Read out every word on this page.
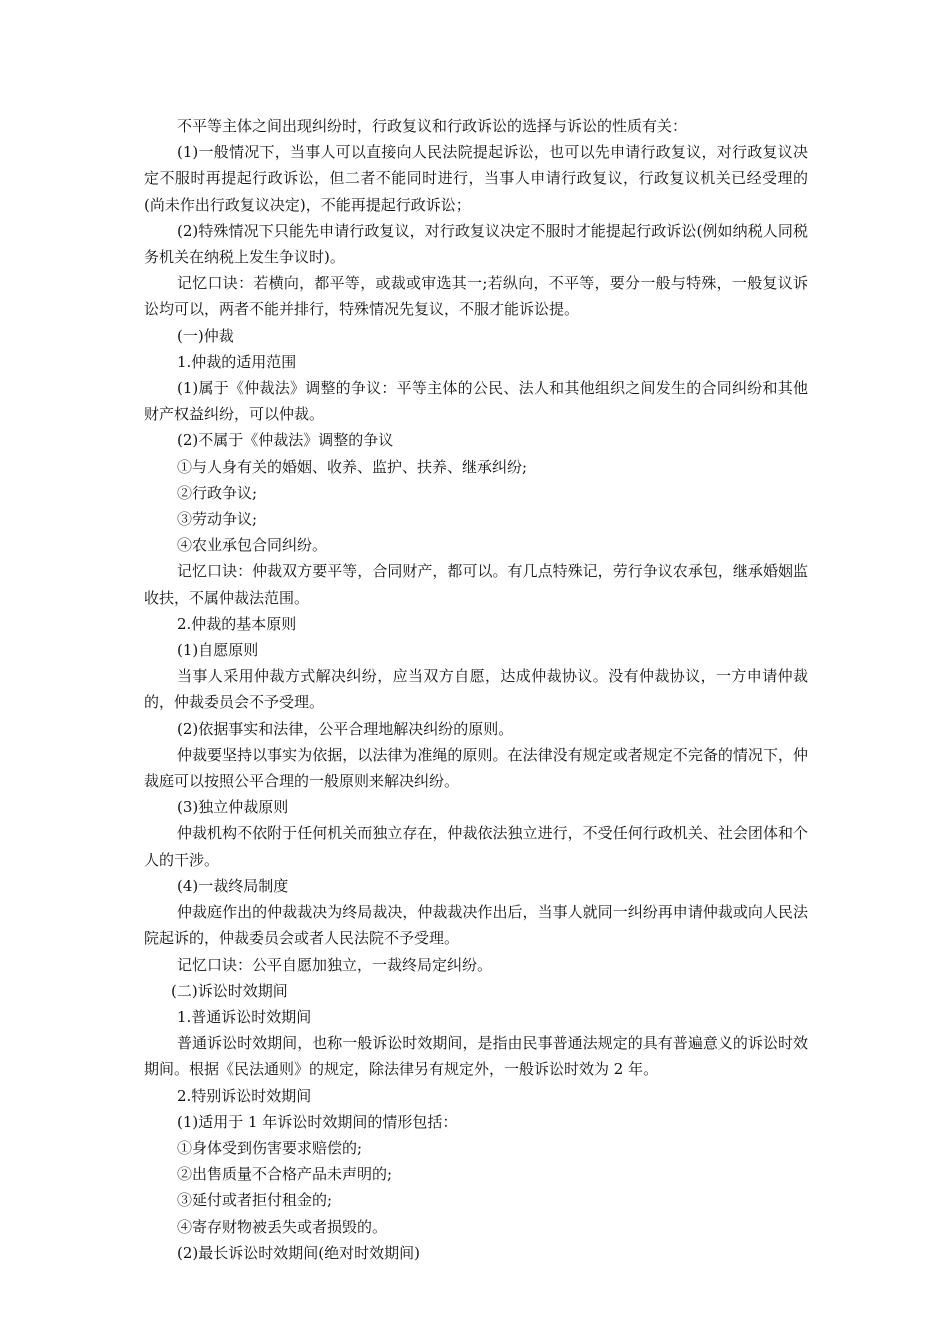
不平等主体之间出现纠纷时，行政复议和行政诉讼的选择与诉讼的性质有关：

(1)一般情况下，当事人可以直接向人民法院提起诉讼，也可以先申请行政复议，对行政复议决定不服时再提起行政诉讼，但二者不能同时进行，当事人申请行政复议，行政复议机关已经受理的(尚未作出行政复议决定)，不能再提起行政诉讼；

(2)特殊情况下只能先申请行政复议，对行政复议决定不服时才能提起行政诉讼(例如纳税人同税务机关在纳税上发生争议时)。

记忆口诀：若横向，都平等，或裁或审选其一;若纵向，不平等，要分一般与特殊，一般复议诉讼均可以，两者不能并排行，特殊情况先复议，不服才能诉讼提。

(一)仲裁

1.仲裁的适用范围

(1)属于《仲裁法》调整的争议：平等主体的公民、法人和其他组织之间发生的合同纠纷和其他财产权益纠纷，可以仲裁。

(2)不属于《仲裁法》调整的争议

①与人身有关的婚姻、收养、监护、扶养、继承纠纷;

②行政争议;

③劳动争议;

④农业承包合同纠纷。

记忆口诀：仲裁双方要平等，合同财产，都可以。有几点特殊记，劳行争议农承包，继承婚姻监收扶，不属仲裁法范围。

2.仲裁的基本原则

(1)自愿原则

当事人采用仲裁方式解决纠纷，应当双方自愿，达成仲裁协议。没有仲裁协议，一方申请仲裁的，仲裁委员会不予受理。

(2)依据事实和法律，公平合理地解决纠纷的原则。

仲裁要坚持以事实为依据，以法律为准绳的原则。在法律没有规定或者规定不完备的情况下，仲裁庭可以按照公平合理的一般原则来解决纠纷。

(3)独立仲裁原则

仲裁机构不依附于任何机关而独立存在，仲裁依法独立进行，不受任何行政机关、社会团体和个人的干涉。

(4)一裁终局制度

仲裁庭作出的仲裁裁决为终局裁决，仲裁裁决作出后，当事人就同一纠纷再申请仲裁或向人民法院起诉的，仲裁委员会或者人民法院不予受理。

记忆口诀：公平自愿加独立，一裁终局定纠纷。

(二)诉讼时效期间

1.普通诉讼时效期间

普通诉讼时效期间，也称一般诉讼时效期间，是指由民事普通法规定的具有普遍意义的诉讼时效期间。根据《民法通则》的规定，除法律另有规定外，一般诉讼时效为 2 年。

2.特别诉讼时效期间

(1)适用于 1 年诉讼时效期间的情形包括：

①身体受到伤害要求赔偿的;

②出售质量不合格产品未声明的;

③延付或者拒付租金的;

④寄存财物被丢失或者损毁的。

(2)最长诉讼时效期间(绝对时效期间)
